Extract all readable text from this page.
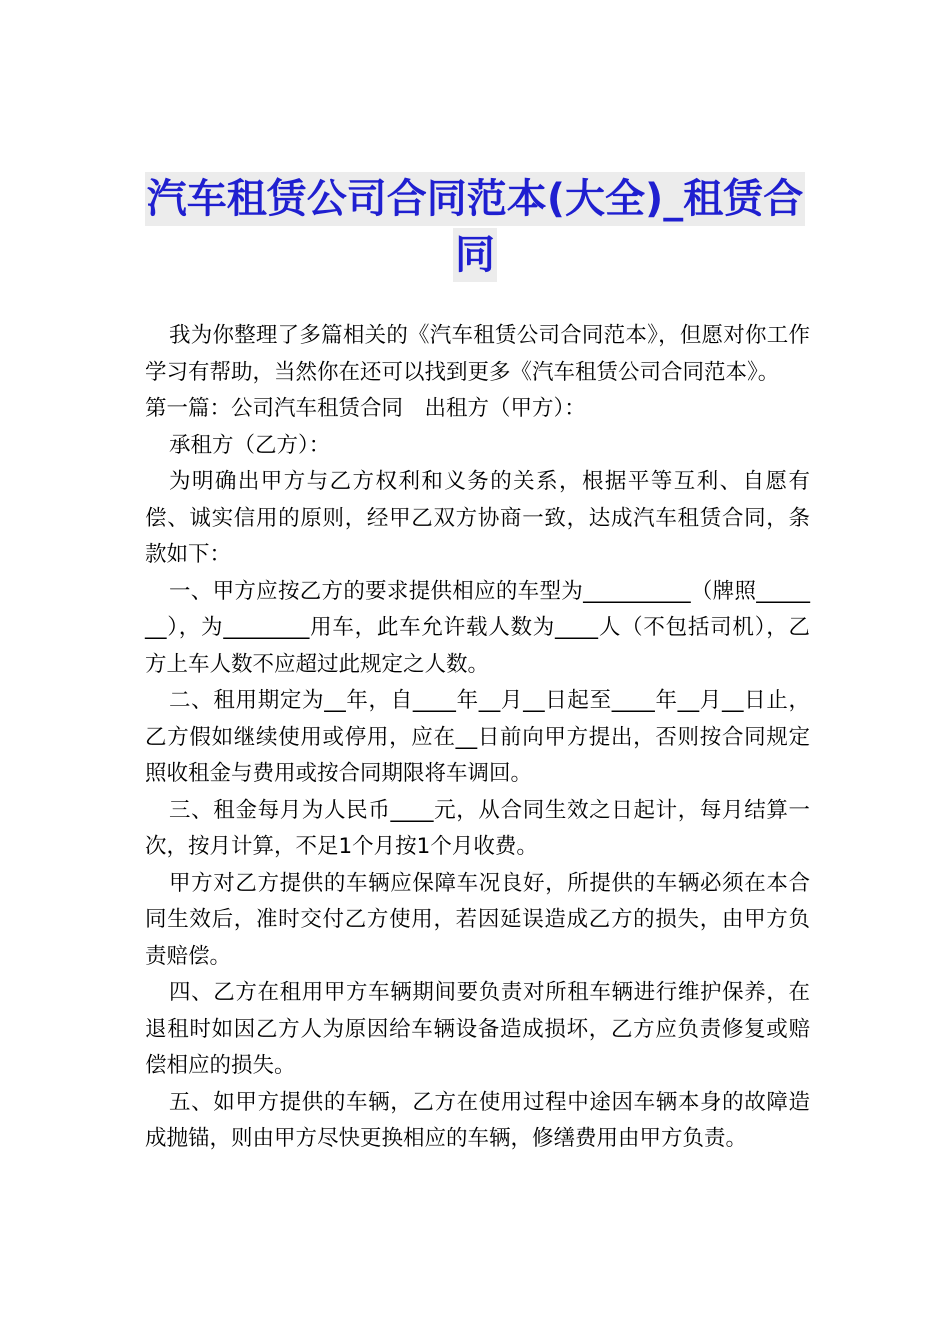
汽车租赁公司合同范本(大全)_租赁合
同

我为你整理了多篇相关的《汽车租赁公司合同范本》，但愿对你工作学习有帮助，当然你在还可以找到更多《汽车租赁公司合同范本》。

第一篇：公司汽车租赁合同　出租方（甲方）：

承租方（乙方）：

为明确出甲方与乙方权利和义务的关系，根据平等互利、自愿有偿、诚实信用的原则，经甲乙双方协商一致，达成汽车租赁合同，条款如下：

一、甲方应按乙方的要求提供相应的车型为__________（牌照_______），为________用车，此车允许载人数为____人（不包括司机），乙方上车人数不应超过此规定之人数。

二、租用期定为__年，自____年__月__日起至____年__月__日止，乙方假如继续使用或停用，应在__日前向甲方提出，否则按合同规定照收租金与费用或按合同期限将车调回。

三、租金每月为人民币____元，从合同生效之日起计，每月结算一次，按月计算，不足1个月按1个月收费。

甲方对乙方提供的车辆应保障车况良好，所提供的车辆必须在本合同生效后，准时交付乙方使用，若因延误造成乙方的损失，由甲方负责赔偿。

四、乙方在租用甲方车辆期间要负责对所租车辆进行维护保养，在退租时如因乙方人为原因给车辆设备造成损坏，乙方应负责修复或赔偿相应的损失。

五、如甲方提供的车辆，乙方在使用过程中途因车辆本身的故障造成抛锚，则由甲方尽快更换相应的车辆，修缮费用由甲方负责。
